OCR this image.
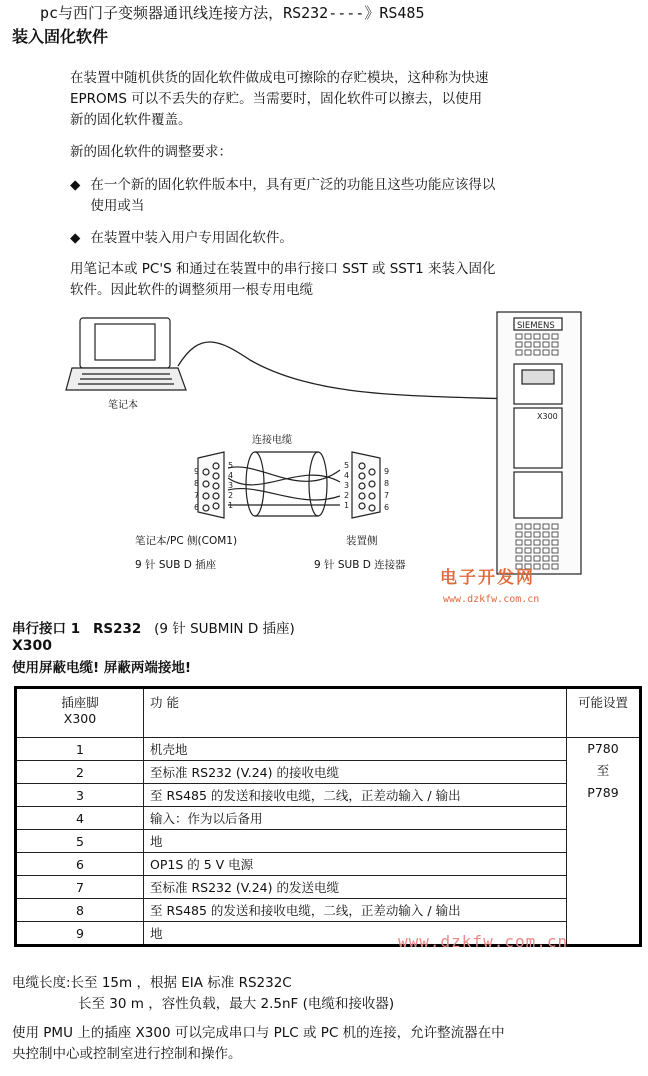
pc与西门子变频器通讯线连接方法，RS232----》RS485
装入固化软件
在装置中随机供货的固化软件做成电可擦除的存贮模块，这种称为快速
EPROMS 可以不丢失的存贮。当需要时，固化软件可以擦去，以使用
新的固化软件覆盖。
新的固化软件的调整要求：
◆ 在一个新的固化软件版本中，具有更广泛的功能且这些功能应该得以
使用或当
◆ 在装置中装入用户专用固化软件。
用笔记本或 PC'S 和通过在装置中的串行接口 SST 或 SST1 来装入固化
软件。因此软件的调整须用一根专用电缆
9
8
7
6
5
4
3
2
1
5
4
3
2
1
9
8
7
6
SIEMENS
X300
笔记本
连接电缆
笔记本/PC 侧(COM1)
9 针 SUB D 插座
装置侧
9 针 SUB D 连接器
电子开发网
www.dzkfw.com.cn
串行接口 1 RS232 (9 针 SUBMIN D 插座)
X300
使用屏蔽电缆! 屏蔽两端接地!
插座脚
X300	功 能	可能设置
1	机壳地	P780
至
P789

2	至标准 RS232 (V.24) 的接收电缆	
3	至 RS485 的发送和接收电缆，二线，正差动输入 / 输出	
4	输入：作为以后备用	
5	地	
6	OP1S 的 5 V 电源	
7	至标准 RS232 (V.24) 的发送电缆	
8	至 RS485 的发送和接收电缆，二线，正差动输入 / 输出	
9	地		www.dzkfw.com.cn
电缆长度:长至 15m ，根据 EIA 标准 RS232C
长至 30 m ，容性负载，最大 2.5nF (电缆和接收器)
使用 PMU 上的插座 X300 可以完成串口与 PLC 或 PC 机的连接，允许整流器在中
央控制中心或控制室进行控制和操作。
